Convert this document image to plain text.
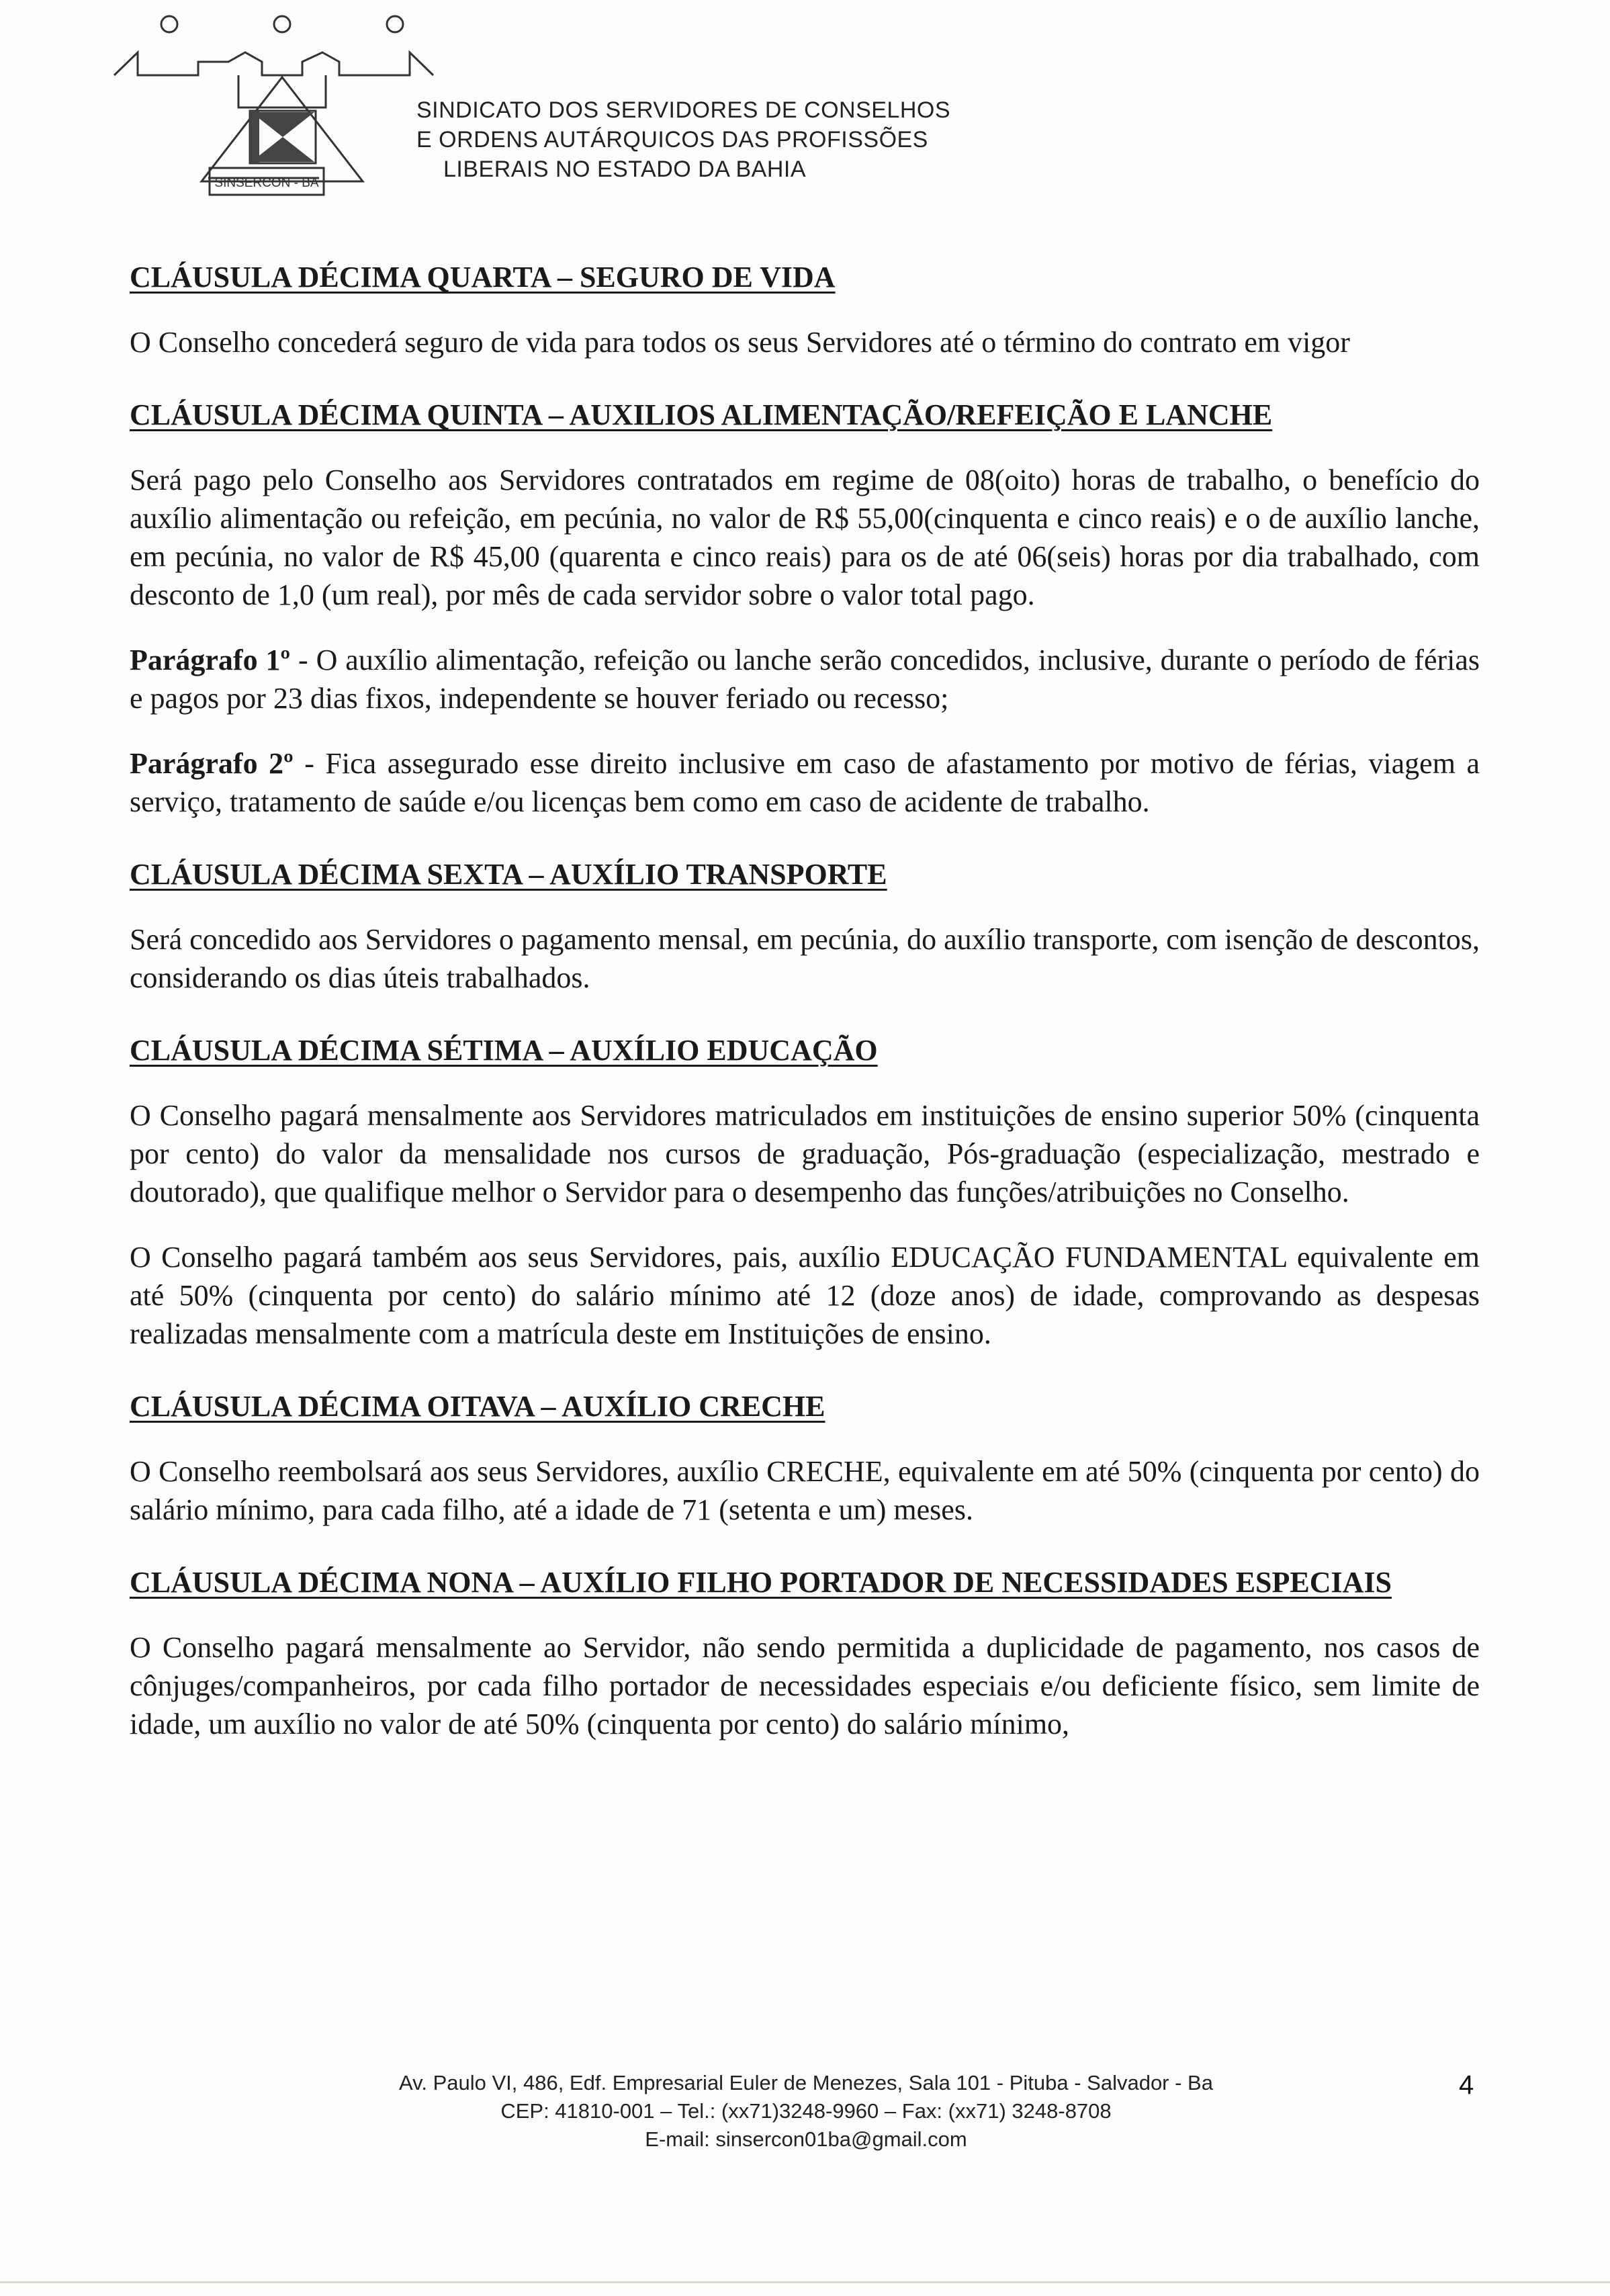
SINSERCON - BA
SINDICATO DOS SERVIDORES DE CONSELHOS
E ORDENS AUTÁRQUICOS DAS PROFISSÕES
LIBERAIS NO ESTADO DA BAHIA
CLÁUSULA DÉCIMA QUARTA – SEGURO DE VIDA

O Conselho concederá seguro de vida para todos os seus Servidores até o término do contrato em vigor

CLÁUSULA DÉCIMA QUINTA – AUXILIOS ALIMENTAÇÃO/REFEIÇÃO E LANCHE

Será pago pelo Conselho aos Servidores contratados em regime de 08(oito) horas de trabalho, o benefício do auxílio alimentação ou refeição, em pecúnia, no valor de R$ 55,00(cinquenta e cinco reais) e o de auxílio lanche, em pecúnia, no valor de R$ 45,00 (quarenta e cinco reais) para os de até 06(seis) horas por dia trabalhado, com desconto de 1,0 (um real), por mês de cada servidor sobre o valor total pago.

Parágrafo 1º - O auxílio alimentação, refeição ou lanche serão concedidos, inclusive, durante o período de férias e pagos por 23 dias fixos, independente se houver feriado ou recesso;

Parágrafo 2º - Fica assegurado esse direito inclusive em caso de afastamento por motivo de férias, viagem a serviço, tratamento de saúde e/ou licenças bem como em caso de acidente de trabalho.

CLÁUSULA DÉCIMA SEXTA – AUXÍLIO TRANSPORTE

Será concedido aos Servidores o pagamento mensal, em pecúnia, do auxílio transporte, com isenção de descontos, considerando os dias úteis trabalhados.

CLÁUSULA DÉCIMA SÉTIMA – AUXÍLIO EDUCAÇÃO

O Conselho pagará mensalmente aos Servidores matriculados em instituições de ensino superior 50% (cinquenta por cento) do valor da mensalidade nos cursos de graduação, Pós-graduação (especialização, mestrado e doutorado), que qualifique melhor o Servidor para o desempenho das funções/atribuições no Conselho.

O Conselho pagará também aos seus Servidores, pais, auxílio EDUCAÇÃO FUNDAMENTAL equivalente em até 50% (cinquenta por cento) do salário mínimo até 12 (doze anos) de idade, comprovando as despesas realizadas mensalmente com a matrícula deste em Instituições de ensino.

CLÁUSULA DÉCIMA OITAVA – AUXÍLIO CRECHE

O Conselho reembolsará aos seus Servidores, auxílio CRECHE, equivalente em até 50% (cinquenta por cento) do salário mínimo, para cada filho, até a idade de 71 (setenta e um) meses.

CLÁUSULA DÉCIMA NONA – AUXÍLIO FILHO PORTADOR DE NECESSIDADES ESPECIAIS

O Conselho pagará mensalmente ao Servidor, não sendo permitida a duplicidade de pagamento, nos casos de cônjuges/companheiros, por cada filho portador de necessidades especiais e/ou deficiente físico, sem limite de idade, um auxílio no valor de até 50% (cinquenta por cento) do salário mínimo,

Av. Paulo VI, 486, Edf. Empresarial Euler de Menezes, Sala 101 - Pituba - Salvador - Ba
CEP: 41810-001 – Tel.: (xx71)3248-9960 – Fax: (xx71) 3248-8708
E-mail: sinsercon01ba@gmail.com
4
